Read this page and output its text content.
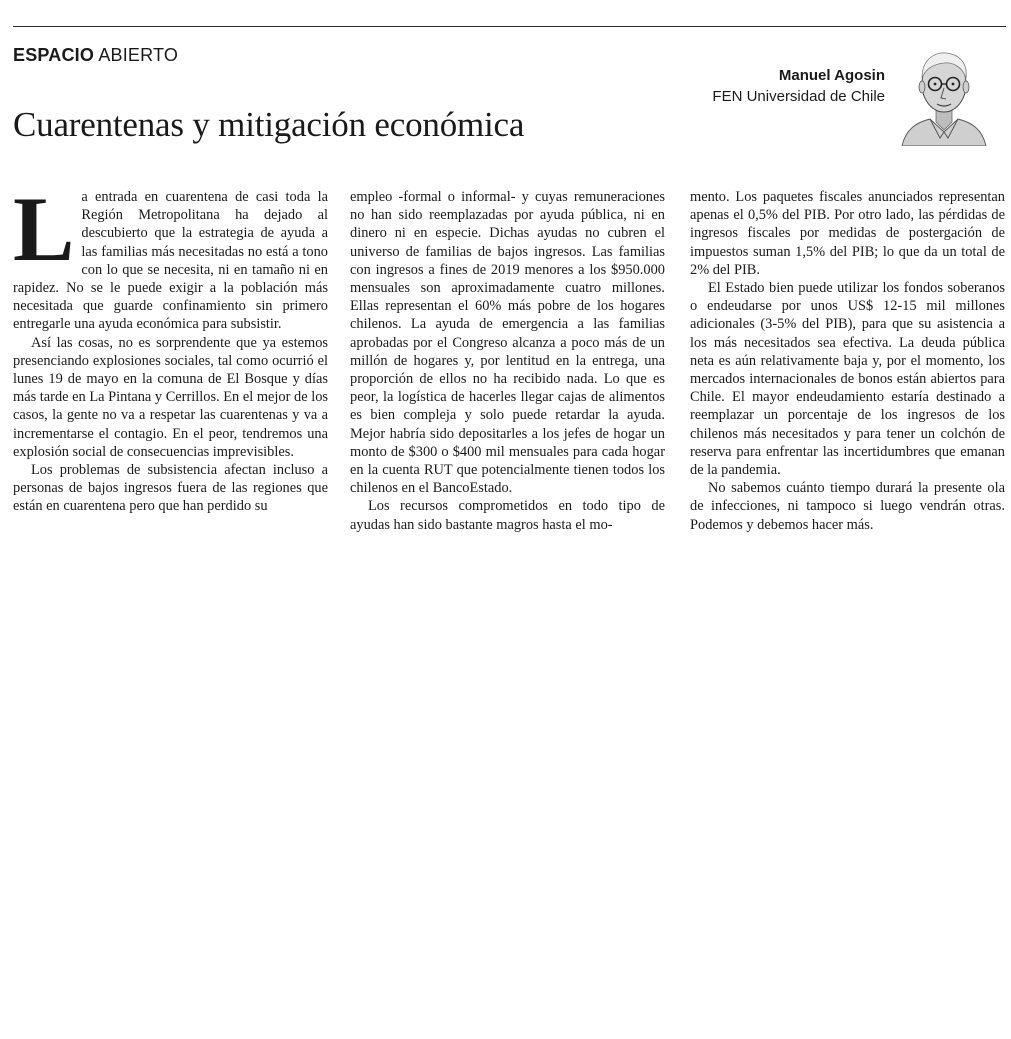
ESPACIO ABIERTO
Cuarentenas y mitigación económica
Manuel Agosin
FEN Universidad de Chile

La entrada en cuarentena de casi toda la Región Metropolitana ha dejado al descubierto que la estrategia de ayuda a las familias más necesitadas no está a tono con lo que se necesita, ni en tamaño ni en rapidez. No se le puede exigir a la población más necesitada que guarde confinamiento sin primero entregarle una ayuda económica para subsistir.

Así las cosas, no es sorprendente que ya estemos presenciando explosiones sociales, tal como ocurrió el lunes 19 de mayo en la comuna de El Bosque y días más tarde en La Pintana y Cerrillos. En el mejor de los casos, la gente no va a respetar las cuarentenas y va a incrementarse el contagio. En el peor, tendremos una explosión social de consecuencias imprevisibles.

Los problemas de subsistencia afectan incluso a personas de bajos ingresos fuera de las regiones que están en cuarentena pero que han perdido su

empleo -formal o informal- y cuyas remuneraciones no han sido reemplazadas por ayuda pública, ni en dinero ni en especie. Dichas ayudas no cubren el universo de familias de bajos ingresos. Las familias con ingresos a fines de 2019 menores a los $950.000 mensuales son aproximadamente cuatro millones. Ellas representan el 60% más pobre de los hogares chilenos. La ayuda de emergencia a las familias aprobadas por el Congreso alcanza a poco más de un millón de hogares y, por lentitud en la entrega, una proporción de ellos no ha recibido nada. Lo que es peor, la logística de hacerles llegar cajas de alimentos es bien compleja y solo puede retardar la ayuda. Mejor habría sido depositarles a los jefes de hogar un monto de $300 o $400 mil mensuales para cada hogar en la cuenta RUT que potencialmente tienen todos los chilenos en el BancoEstado.

Los recursos comprometidos en todo tipo de ayudas han sido bastante magros hasta el mo-

mento. Los paquetes fiscales anunciados representan apenas el 0,5% del PIB. Por otro lado, las pérdidas de ingresos fiscales por medidas de postergación de impuestos suman 1,5% del PIB; lo que da un total de 2% del PIB.

El Estado bien puede utilizar los fondos soberanos o endeudarse por unos US$ 12-15 mil millones adicionales (3-5% del PIB), para que su asistencia a los más necesitados sea efectiva. La deuda pública neta es aún relativamente baja y, por el momento, los mercados internacionales de bonos están abiertos para Chile. El mayor endeudamiento estaría destinado a reemplazar un porcentaje de los ingresos de los chilenos más necesitados y para tener un colchón de reserva para enfrentar las incertidumbres que emanan de la pandemia.

No sabemos cuánto tiempo durará la presente ola de infecciones, ni tampoco si luego vendrán otras. Podemos y debemos hacer más.
